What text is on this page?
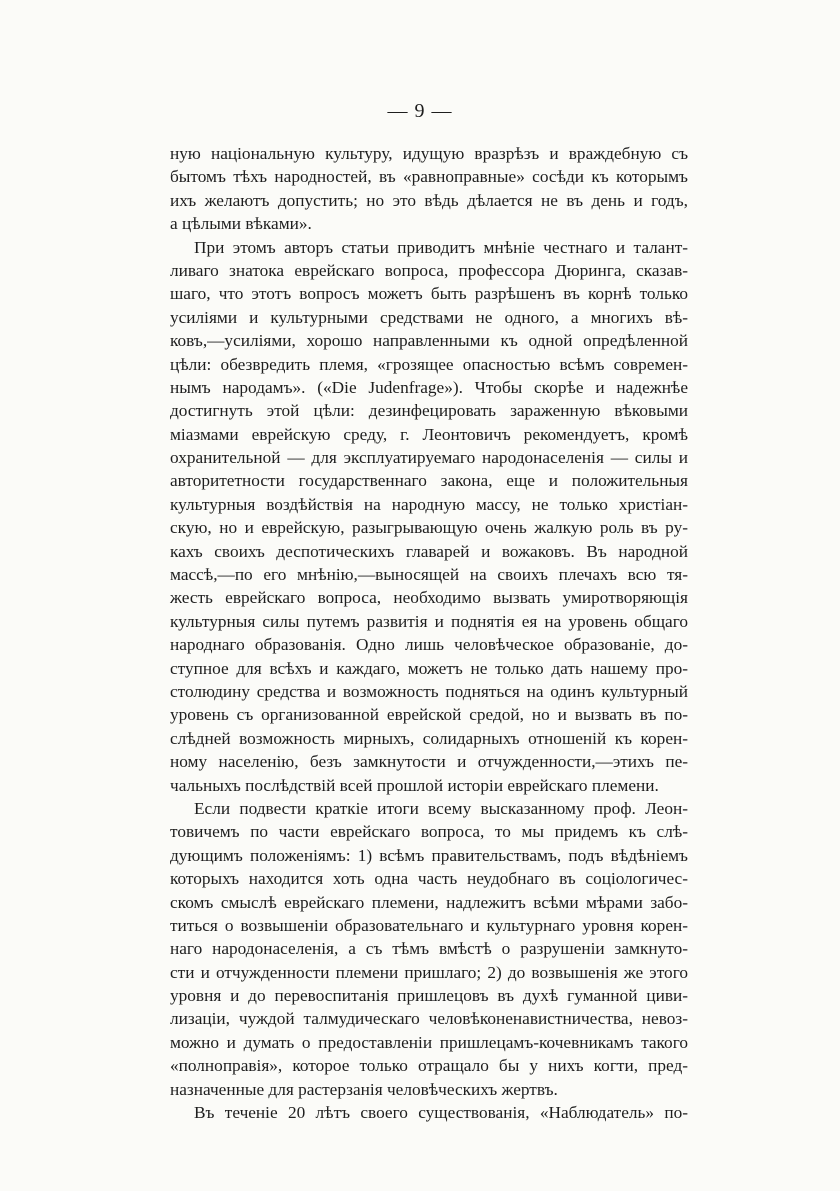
— 9 —
ную національную культуру, идущую вразрѣзъ и враждебную съ
бытомъ тѣхъ народностей, въ «равноправные» сосѣди къ которымъ
ихъ желаютъ допустить; но это вѣдь дѣлается не въ день и годъ,
а цѣлыми вѣками».
При этомъ авторъ статьи приводитъ мнѣніе честнаго и талант-
ливаго знатока еврейскаго вопроса, профессора Дюринга, сказав-
шаго, что этотъ вопросъ можетъ быть разрѣшенъ въ корнѣ только
усиліями и культурными средствами не одного, а многихъ вѣ-
ковъ,—усиліями, хорошо направленными къ одной опредѣленной
цѣли: обезвредить племя, «грозящее опасностью всѣмъ современ-
нымъ народамъ». («Die Judenfrage»). Чтобы скорѣе и надежнѣе
достигнуть этой цѣли: дезинфецировать зараженную вѣковыми
міазмами еврейскую среду, г. Леонтовичъ рекомендуетъ, кромѣ
охранительной — для эксплуатируемаго народонаселенія — силы и
авторитетности государственнаго закона, еще и положительныя
культурныя воздѣйствія на народную массу, не только христіан-
скую, но и еврейскую, разыгрывающую очень жалкую роль въ ру-
кахъ своихъ деспотическихъ главарей и вожаковъ. Въ народной
массѣ,—по его мнѣнію,—выносящей на своихъ плечахъ всю тя-
жесть еврейскаго вопроса, необходимо вызвать умиротворяющія
культурныя силы путемъ развитія и поднятія ея на уровень общаго
народнаго образованія. Одно лишь человѣческое образованіе, до-
ступное для всѣхъ и каждаго, можетъ не только дать нашему про-
столюдину средства и возможность подняться на одинъ культурный
уровень съ организованной еврейской средой, но и вызвать въ по-
слѣдней возможность мирныхъ, солидарныхъ отношеній къ корен-
ному населенію, безъ замкнутости и отчужденности,—этихъ пе-
чальныхъ послѣдствій всей прошлой исторіи еврейскаго племени.
Если подвести краткіе итоги всему высказанному проф. Леон-
товичемъ по части еврейскаго вопроса, то мы придемъ къ слѣ-
дующимъ положеніямъ: 1) всѣмъ правительствамъ, подъ вѣдѣніемъ
которыхъ находится хоть одна часть неудобнаго въ соціологичес-
скомъ смыслѣ еврейскаго племени, надлежитъ всѣми мѣрами забо-
титься о возвышеніи образовательнаго и культурнаго уровня корен-
наго народонаселенія, а съ тѣмъ вмѣстѣ о разрушеніи замкнуто-
сти и отчужденности племени пришлаго; 2) до возвышенія же этого
уровня и до перевоспитанія пришлецовъ въ духѣ гуманной циви-
лизаціи, чуждой талмудическаго человѣконенавистничества, невоз-
можно и думать о предоставленіи пришлецамъ-кочевникамъ такого
«полноправія», которое только отращало бы у нихъ когти, пред-
назначенные для растерзанія человѣческихъ жертвъ.
Въ теченіе 20 лѣтъ своего существованія, «Наблюдатель» по-
